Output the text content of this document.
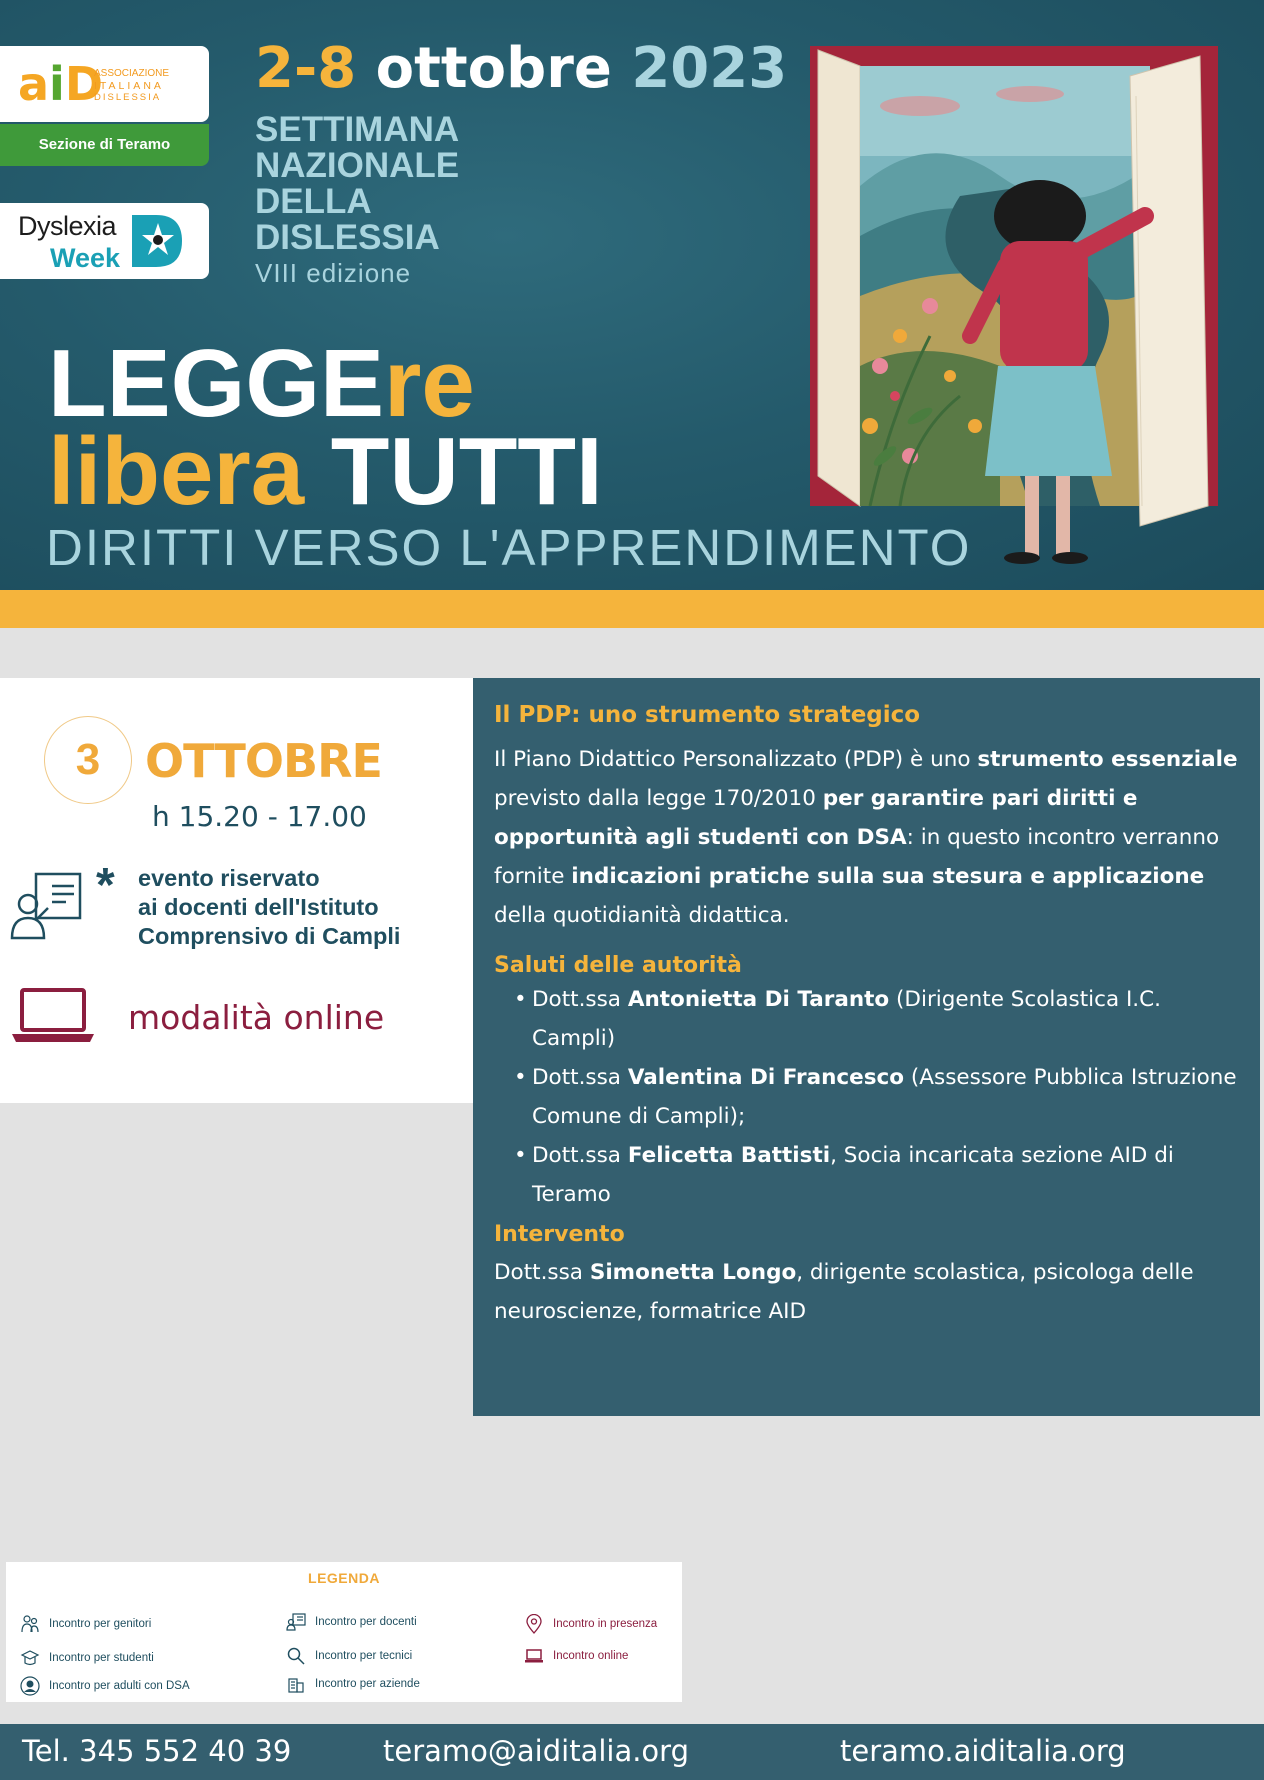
aiD
ASSOCIAZIONE
ITALIANA
DISLESSIA
Sezione di Teramo
Dyslexia
Week
2-8 ottobre 2023
SETTIMANA
NAZIONALE
DELLA
DISLESSIA
VIII edizione
LEGGEre
libera TUTTI
DIRITTI VERSO L'APPRENDIMENTO
3 OTTOBRE
h 15.20 - 17.00
* evento riservato
ai docenti dell'Istituto
Comprensivo di Campli
modalità online
Il PDP: uno strumento strategico

Il Piano Didattico Personalizzato (PDP) è uno strumento essenziale previsto dalla legge 170/2010 per garantire pari diritti e opportunità agli studenti con DSA: in questo incontro verranno fornite indicazioni pratiche sulla sua stesura e applicazione della quotidianità didattica.

Saluti delle autorità
• Dott.ssa Antonietta Di Taranto (Dirigente Scolastica I.C. Campli)
• Dott.ssa Valentina Di Francesco (Assessore Pubblica Istruzione Comune di Campli);
• Dott.ssa Felicetta Battisti, Socia incaricata sezione AID di Teramo
Intervento

Dott.ssa Simonetta Longo, dirigente scolastica, psicologa delle neuroscienze, formatrice AID

LEGENDA
Incontro per genitori
Incontro per studenti
Incontro per adulti con DSA
Incontro per docenti
Incontro per tecnici
Incontro per aziende
Incontro in presenza
Incontro online
Tel. 345 552 40 39	teramo@aiditalia.org	teramo.aiditalia.org
